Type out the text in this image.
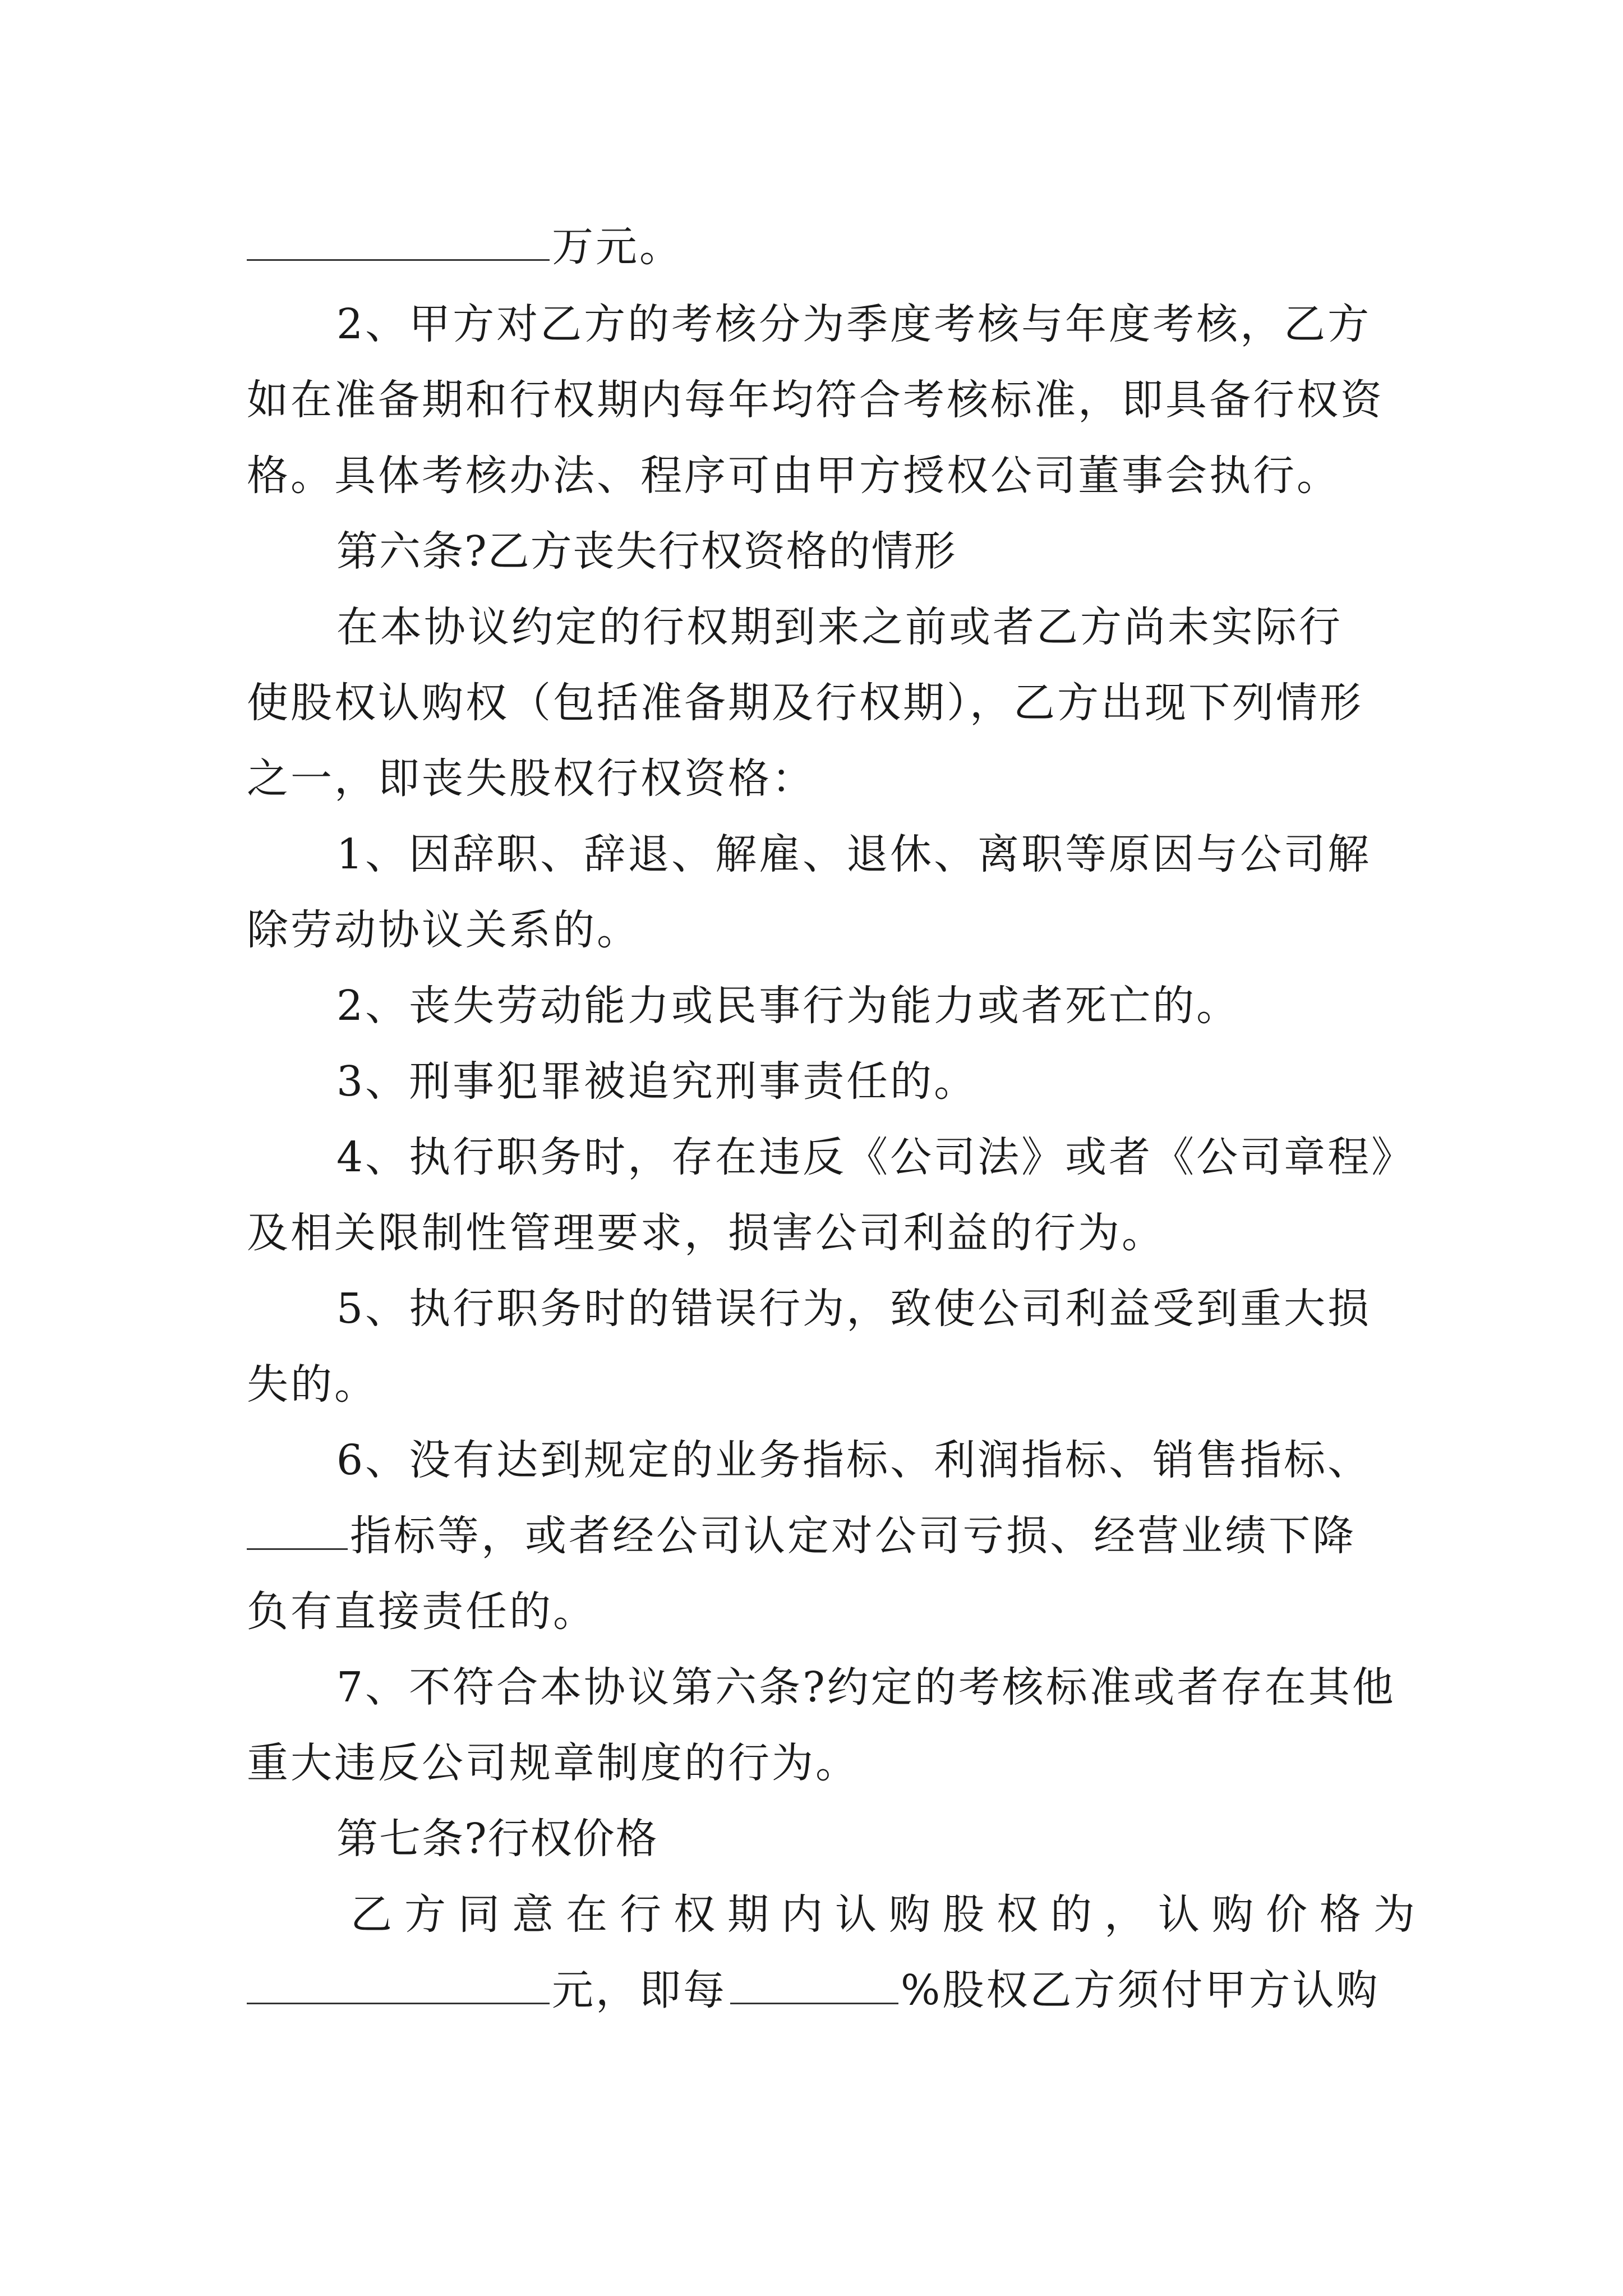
万元。
2、甲方对乙方的考核分为季度考核与年度考核，乙方
如在准备期和行权期内每年均符合考核标准，即具备行权资
格。具体考核办法、程序可由甲方授权公司董事会执行。
第六条?乙方丧失行权资格的情形
在本协议约定的行权期到来之前或者乙方尚未实际行
使股权认购权（包括准备期及行权期），乙方出现下列情形
之一，即丧失股权行权资格：
1、因辞职、辞退、解雇、退休、离职等原因与公司解
除劳动协议关系的。
2、丧失劳动能力或民事行为能力或者死亡的。
3、刑事犯罪被追究刑事责任的。
4、执行职务时，存在违反《公司法》或者《公司章程》
及相关限制性管理要求，损害公司利益的行为。
5、执行职务时的错误行为，致使公司利益受到重大损
失的。
6、没有达到规定的业务指标、利润指标、销售指标、
指标等，或者经公司认定对公司亏损、经营业绩下降
负有直接责任的。
7、不符合本协议第六条?约定的考核标准或者存在其他
重大违反公司规章制度的行为。
第七条?行权价格
乙方同意在行权期内认购股权的，认购价格为
元，即每	%股权乙方须付甲方认购
